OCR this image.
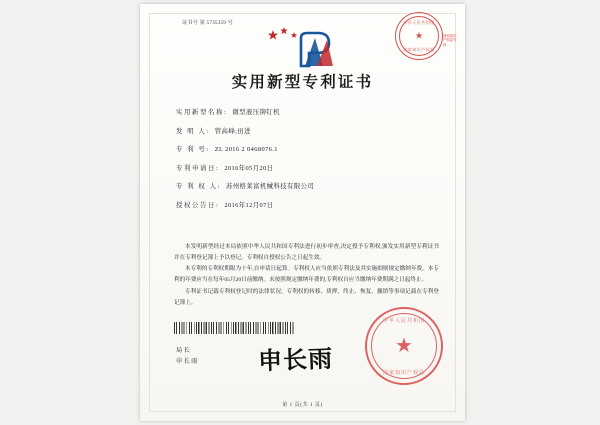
证书号 第 5735359 号	中华人民共和国
★
国家知识产权局
国家知识产权局专用
实用新型专利证书
实用新型名称: 微型液压铆钉机
发 明 人: 管高峰;田进
专 利 号: ZL 2016 2 0468076.1
专利申请日: 2016年05月20日
专 利 权 人: 苏州格莱富机械科技有限公司
授权公告日: 2016年12月07日

本发明新型经过本局依照中华人民共和国专利法进行初步审查,决定授予专利权,颁发实用新型专利证书并在专利登记簿上予以登记。专利权自授权公告之日起生效。

本专利的专利权期限为十年,自申请日起算。专利权人应当依照专利法及其实施细则规定缴纳年费。本专利的年费应当在每年05月20日前缴纳。未按照规定缴纳年费的,专利权自应当缴纳年费期满之日起终止。

专利证书记载专利权登记时的法律状况。专利权的转移、质押、终止、恢复、撤销等事项记载在专利登记簿上。

局长
申长雨 申长雨
中华人民共和国
★
国家知识产权局
第 1 页(共 1 页)
